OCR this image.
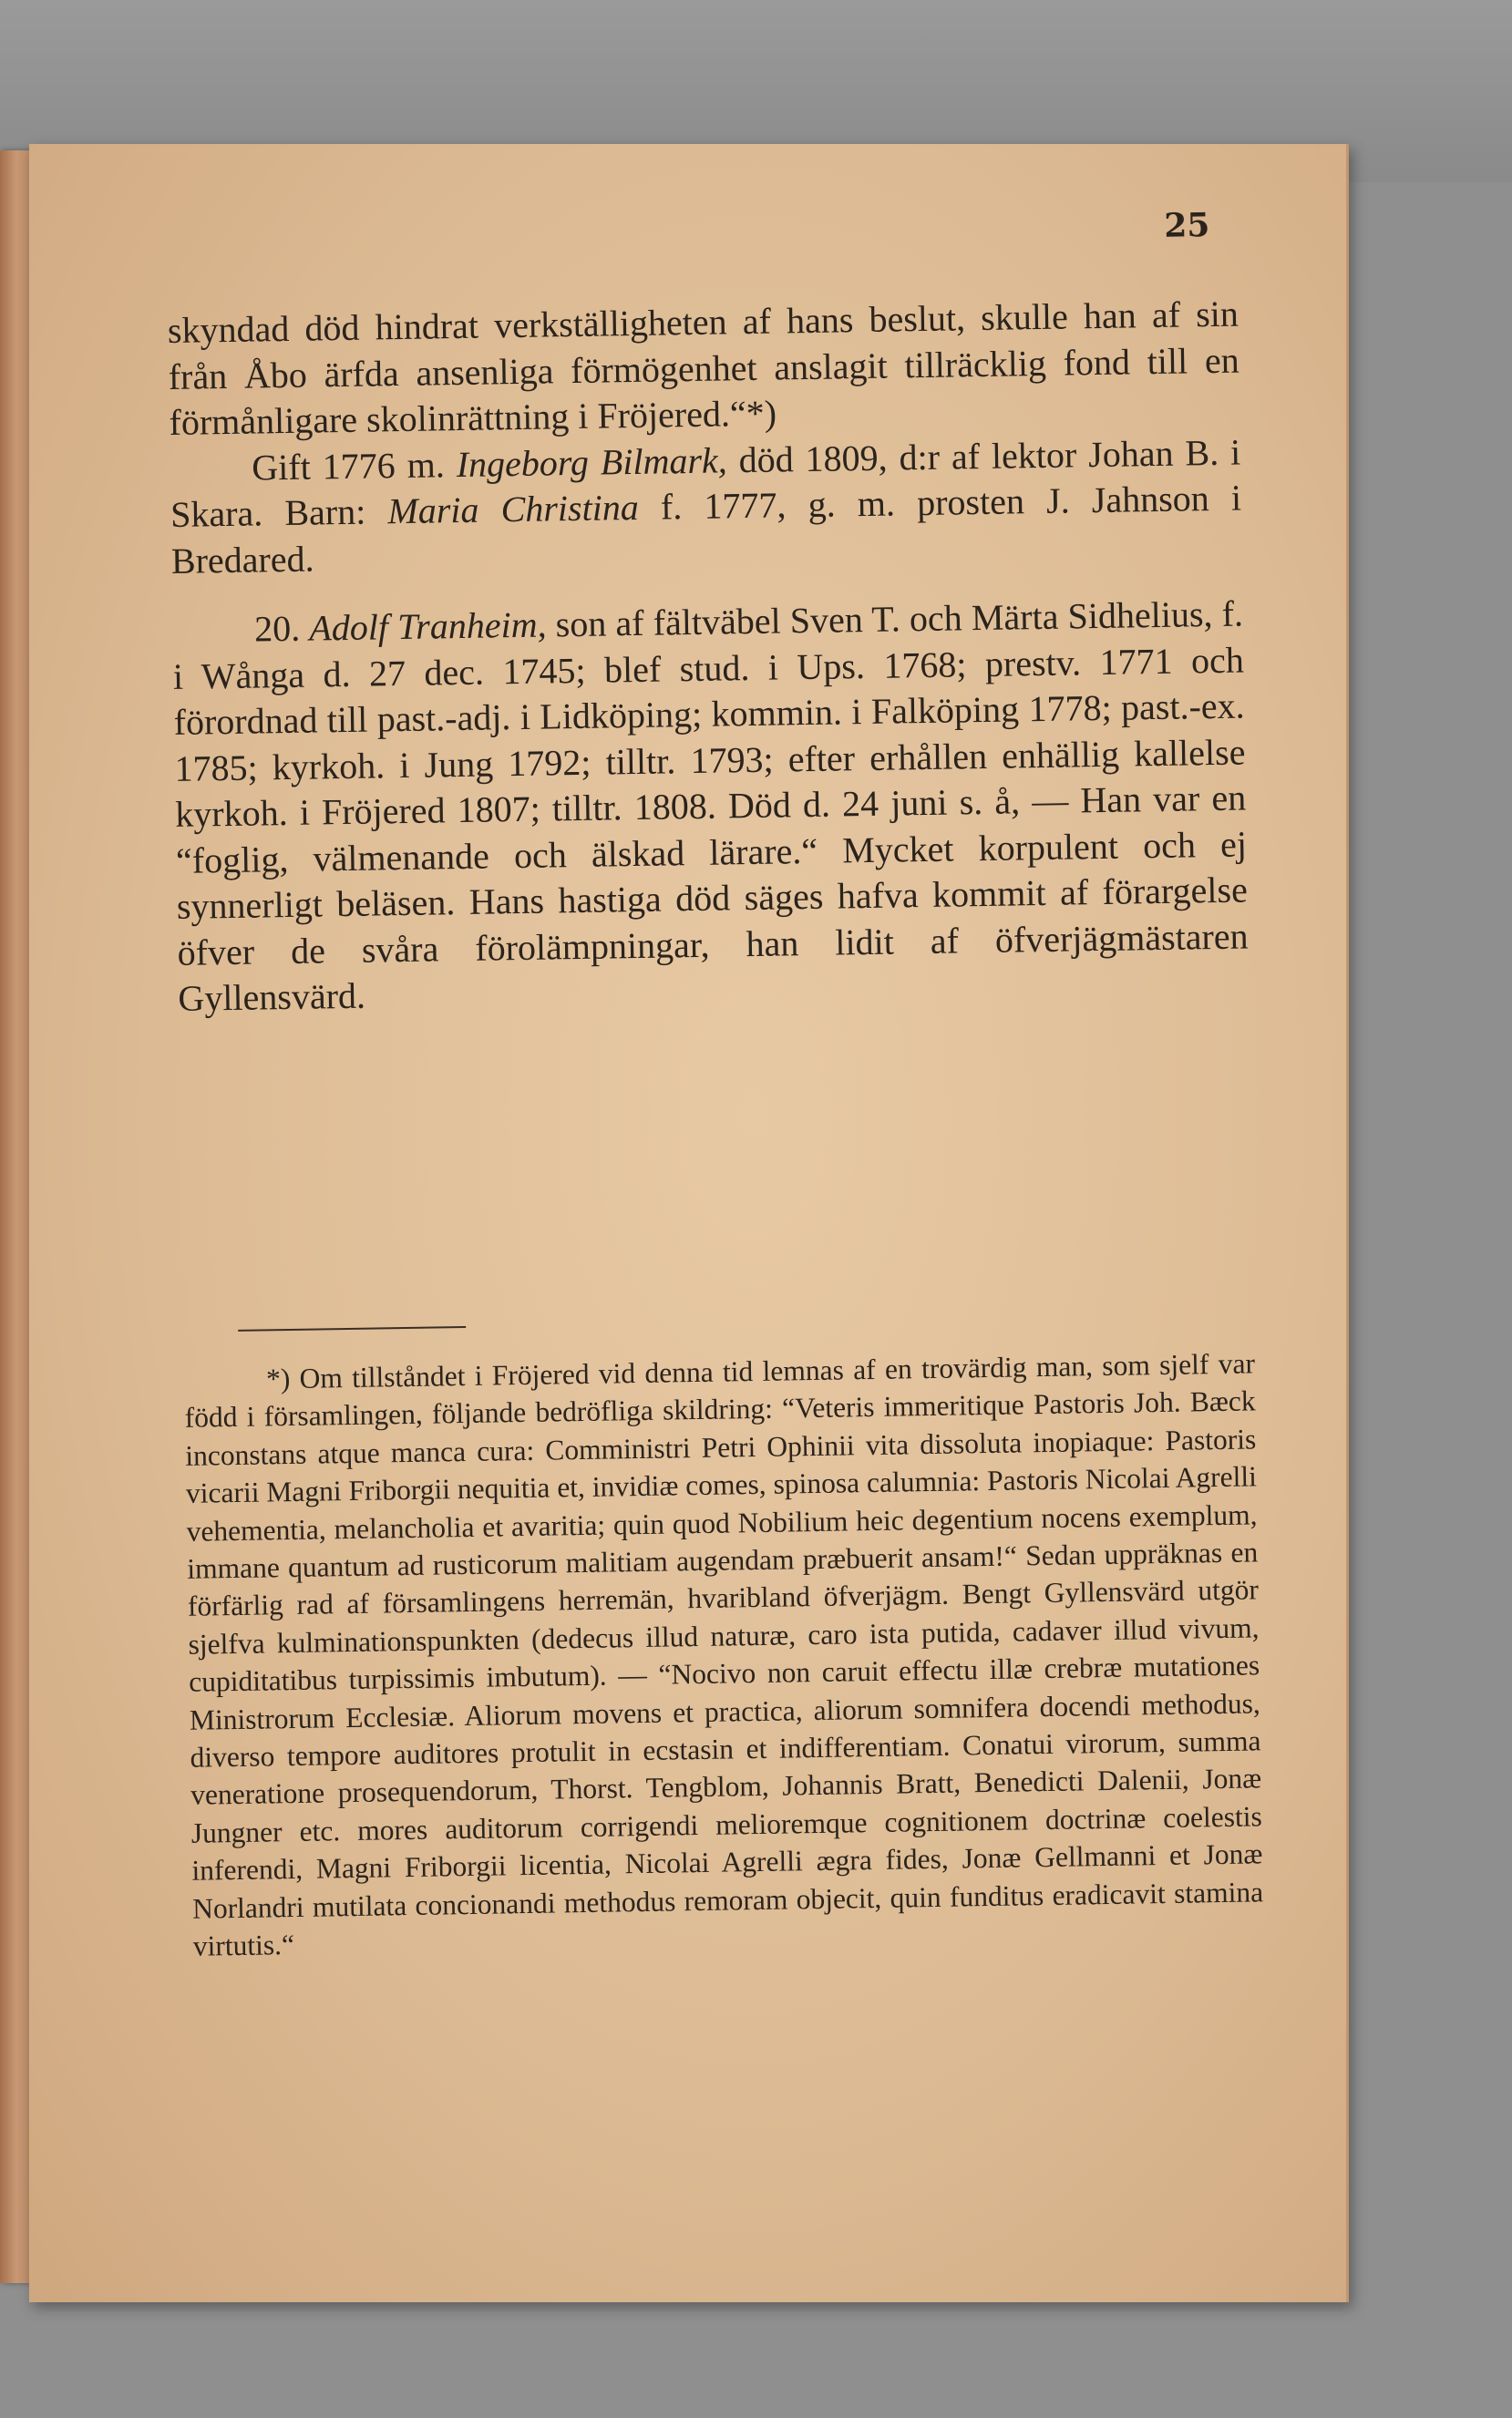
25

skyndad död hindrat verkställigheten af hans beslut, skulle han af sin från Åbo ärfda ansenliga förmögenhet anslagit tillräcklig fond till en förmånligare skolinrättning i Fröjered.“*)

Gift 1776 m. Ingeborg Bilmark, död 1809, d:r af lektor Johan B. i Skara. Barn: Maria Christina f. 1777, g. m. prosten J. Jahnson i Bredared.

20. Adolf Tranheim, son af fältväbel Sven T. och Märta Sidhelius, f. i Wånga d. 27 dec. 1745; blef stud. i Ups. 1768; prestv. 1771 och förordnad till past.-adj. i Lidköping; kommin. i Falköping 1778; past.-ex. 1785; kyrkoh. i Jung 1792; tilltr. 1793; efter erhållen enhällig kallelse kyrkoh. i Fröjered 1807; tilltr. 1808. Död d. 24 juni s. å, — Han var en “foglig, välmenande och älskad lärare.“ Mycket korpulent och ej synnerligt beläsen. Hans hastiga död säges hafva kommit af förargelse öfver de svåra förolämpningar, han lidit af öfverjägmästaren Gyllensvärd.

*) Om tillståndet i Fröjered vid denna tid lemnas af en trovärdig man, som sjelf var född i församlingen, följande bedröfliga skildring: “Veteris immeritique Pastoris Joh. Bæck inconstans atque manca cura: Comministri Petri Ophinii vita dissoluta inopiaque: Pastoris vicarii Magni Friborgii nequitia et, invidiæ comes, spinosa calumnia: Pastoris Nicolai Agrelli vehementia, melancholia et avaritia; quin quod Nobilium heic degentium nocens exemplum, immane quantum ad rusticorum malitiam augendam præbuerit ansam!“ Sedan uppräknas en förfärlig rad af församlingens herremän, hvaribland öfverjägm. Bengt Gyllensvärd utgör sjelfva kulminationspunkten (dedecus illud naturæ, caro ista putida, cadaver illud vivum, cupiditatibus turpissimis imbutum). — “Nocivo non caruit effectu illæ crebræ mutationes Ministrorum Ecclesiæ. Aliorum movens et practica, aliorum somnifera docendi methodus, diverso tempore auditores protulit in ecstasin et indifferentiam. Conatui virorum, summa veneratione prosequendorum, Thorst. Tengblom, Johannis Bratt, Benedicti Dalenii, Jonæ Jungner etc. mores auditorum corrigendi melioremque cognitionem doctrinæ coelestis inferendi, Magni Friborgii licentia, Nicolai Agrelli ægra fides, Jonæ Gellmanni et Jonæ Norlandri mutilata concionandi methodus remoram objecit, quin funditus eradicavit stamina virtutis.“
